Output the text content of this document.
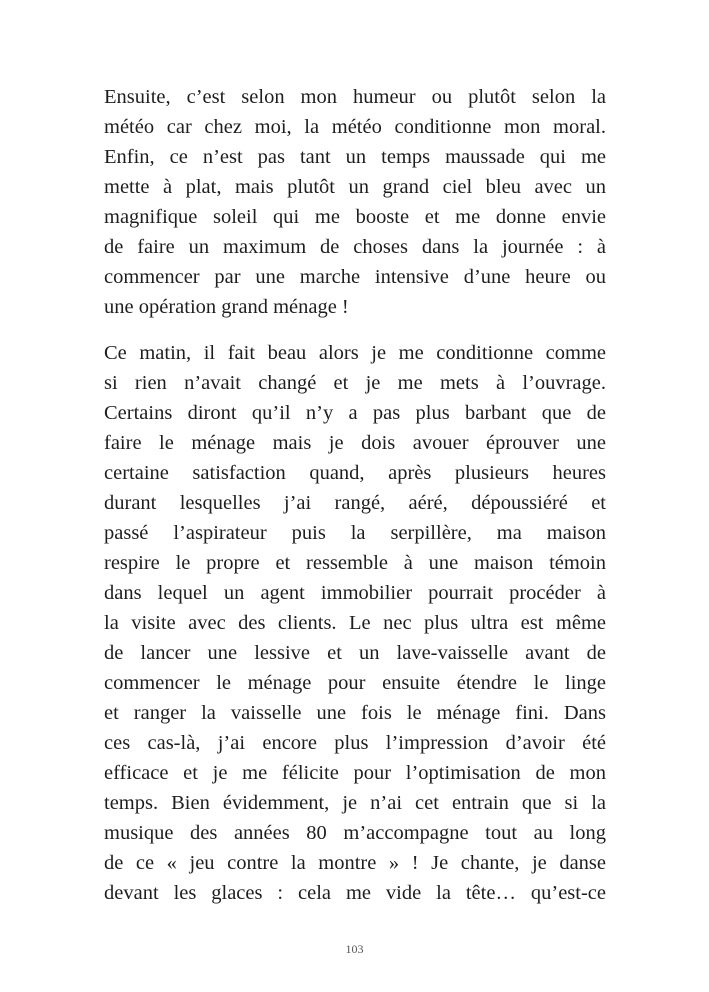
Ensuite, c’est selon mon humeur ou plutôt selon la
météo car chez moi, la météo conditionne mon moral.
Enfin, ce n’est pas tant un temps maussade qui me
mette à plat, mais plutôt un grand ciel bleu avec un
magnifique soleil qui me booste et me donne envie
de faire un maximum de choses dans la journée : à
commencer par une marche intensive d’une heure ou
une opération grand ménage !
Ce matin, il fait beau alors je me conditionne comme
si rien n’avait changé et je me mets à l’ouvrage.
Certains diront qu’il n’y a pas plus barbant que de
faire le ménage mais je dois avouer éprouver une
certaine satisfaction quand, après plusieurs heures
durant lesquelles j’ai rangé, aéré, dépoussiéré et
passé l’aspirateur puis la serpillère, ma maison
respire le propre et ressemble à une maison témoin
dans lequel un agent immobilier pourrait procéder à
la visite avec des clients. Le nec plus ultra est même
de lancer une lessive et un lave-vaisselle avant de
commencer le ménage pour ensuite étendre le linge
et ranger la vaisselle une fois le ménage fini. Dans
ces cas-là, j’ai encore plus l’impression d’avoir été
efficace et je me félicite pour l’optimisation de mon
temps. Bien évidemment, je n’ai cet entrain que si la
musique des années 80 m’accompagne tout au long
de ce « jeu contre la montre » ! Je chante, je danse
devant les glaces : cela me vide la tête… qu’est-ce
103
